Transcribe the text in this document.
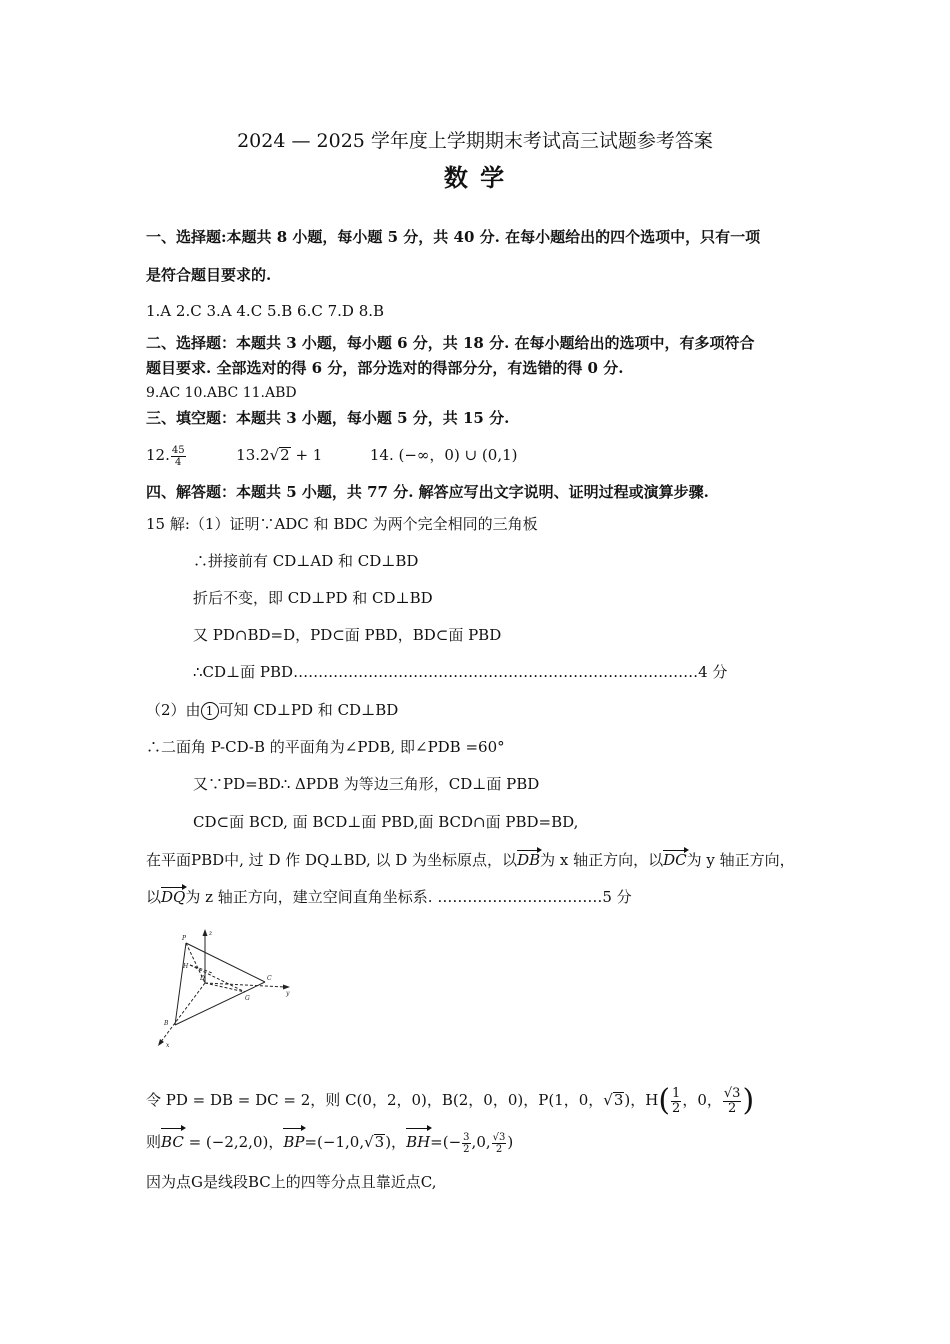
2024 — 2025 学年度上学期期末考试高三试题参考答案
数 学
一、选择题:本题共 8 小题，每小题 5 分，共 40 分. 在每小题给出的四个选项中，只有一项
是符合题目要求的.
1.A 2.C 3.A 4.C 5.B 6.C 7.D 8.B
二、选择题：本题共 3 小题，每小题 6 分，共 18 分. 在每小题给出的选项中，有多项符合
题目要求. 全部选对的得 6 分，部分选对的得部分分，有选错的得 0 分.
9.AC 10.ABC 11.ABD
三、填空题：本题共 3 小题，每小题 5 分，共 15 分.
12. $\frac{45}{4}$	13.2√2 + 1	14. (−∞，0) ∪ (0,1)
四、解答题：本题共 5 小题，共 77 分. 解答应写出文字说明、证明过程或演算步骤.
15 解:（1）证明∵ADC 和 BDC 为两个完全相同的三角板
∴拼接前有 CD⊥AD 和 CD⊥BD
折后不变，即 CD⊥PD 和 CD⊥BD
又 PD∩BD=D，PD⊂面 PBD，BD⊂面 PBD
∴CD⊥面 PBD………………………………………………………………………4 分
（2）由 1 可知 CD⊥PD 和 CD⊥BD
∴二面角 P-CD-B 的平面角为∠PDB, 即∠PDB =60°
又∵PD=BD∴ ΔPDB 为等边三角形，CD⊥面 PBD
CD⊂面 BCD, 面 BCD⊥面 PBD,面 BCD∩面 PBD=BD,
在平面PBD中, 过 D 作 DQ⊥BD, 以 D 为坐标原点，以DB为 x 轴正方向，以DC为 y 轴正方向，
以DQ为 z 轴正方向，建立空间直角坐标系. ……………………………5 分
P
H
D
B
C
G
x
y
z
令 PD = DB = DC = 2，则 C(0，2，0)，B(2，0，0)，P(1，0，√3)，$H( \frac{1}{2}$ ，0， $\frac{√3}{2}$ )
则BC = (−2,2,0)，BP=(−1,0,√3)，$BH=(- \frac{3}{2} ,0$, $\frac{√3}{2}$ )
因为点G是线段BC上的四等分点且靠近点C,
